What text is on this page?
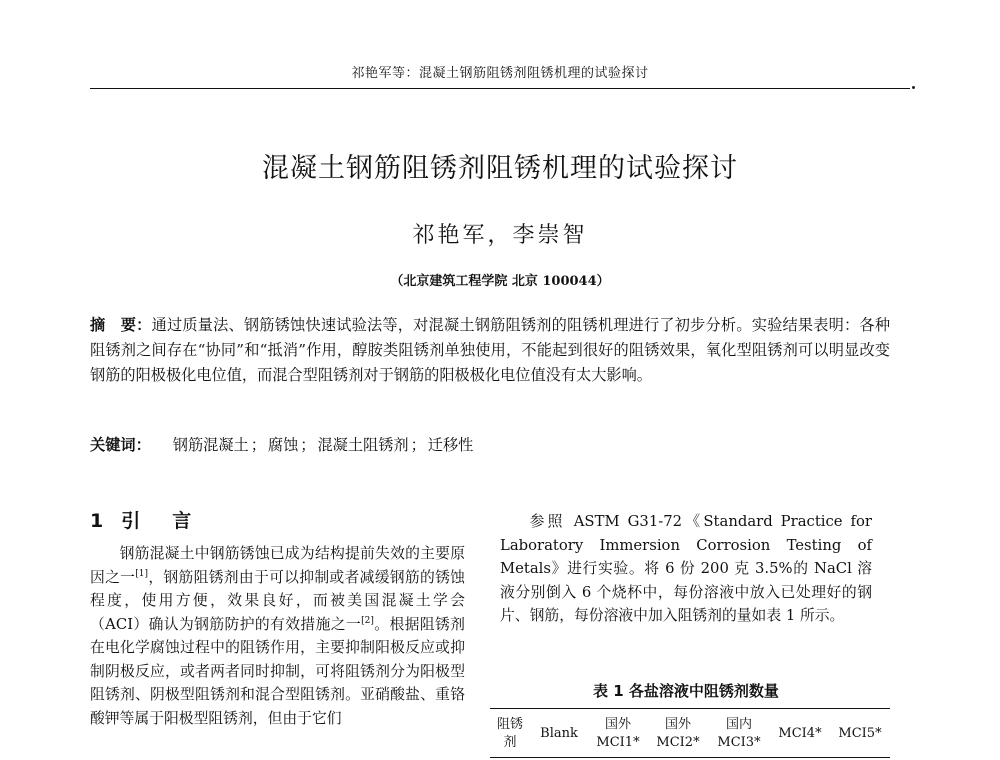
祁艳军等：混凝土钢筋阻锈剂阻锈机理的试验探讨
混凝土钢筋阻锈剂阻锈机理的试验探讨
祁艳军，李崇智
（北京建筑工程学院 北京 100044）
摘　要：通过质量法、钢筋锈蚀快速试验法等，对混凝土钢筋阻锈剂的阻锈机理进行了初步分析。实验结果表明：各种阻锈剂之间存在“协同”和“抵消”作用，醇胺类阻锈剂单独使用，不能起到很好的阻锈效果，氧化型阻锈剂可以明显改变钢筋的阳极极化电位值，而混合型阻锈剂对于钢筋的阳极极化电位值没有太大影响。
关键词： 钢筋混凝土 ； 腐蚀 ； 混凝土阻锈剂 ； 迁移性
1 引 言

钢筋混凝土中钢筋锈蚀已成为结构提前失效的主要原因之一[1]，钢筋阻锈剂由于可以抑制或者减缓钢筋的锈蚀程度，使用方便，效果良好，而被美国混凝土学会（ACI）确认为钢筋防护的有效措施之一[2]。根据阻锈剂在电化学腐蚀过程中的阻锈作用，主要抑制阳极反应或抑制阴极反应，或者两者同时抑制，可将阻锈剂分为阳极型阻锈剂、阴极型阻锈剂和混合型阻锈剂。亚硝酸盐、重铬酸钾等属于阳极型阻锈剂，但由于它们

参照 ASTM G31-72《Standard Practice for Laboratory Immersion Corrosion Testing of Metals》进行实验。将 6 份 200 克 3.5%的 NaCl 溶液分别倒入 6 个烧杯中，每份溶液中放入已处理好的钢片、钢筋，每份溶液中加入阻锈剂的量如表 1 所示。

表 1 各盐溶液中阻锈剂数量
阻锈
剂
Blank
国外
MCI1*
国外
MCI2*
国内
MCI3*
MCI4*	MCI5*
